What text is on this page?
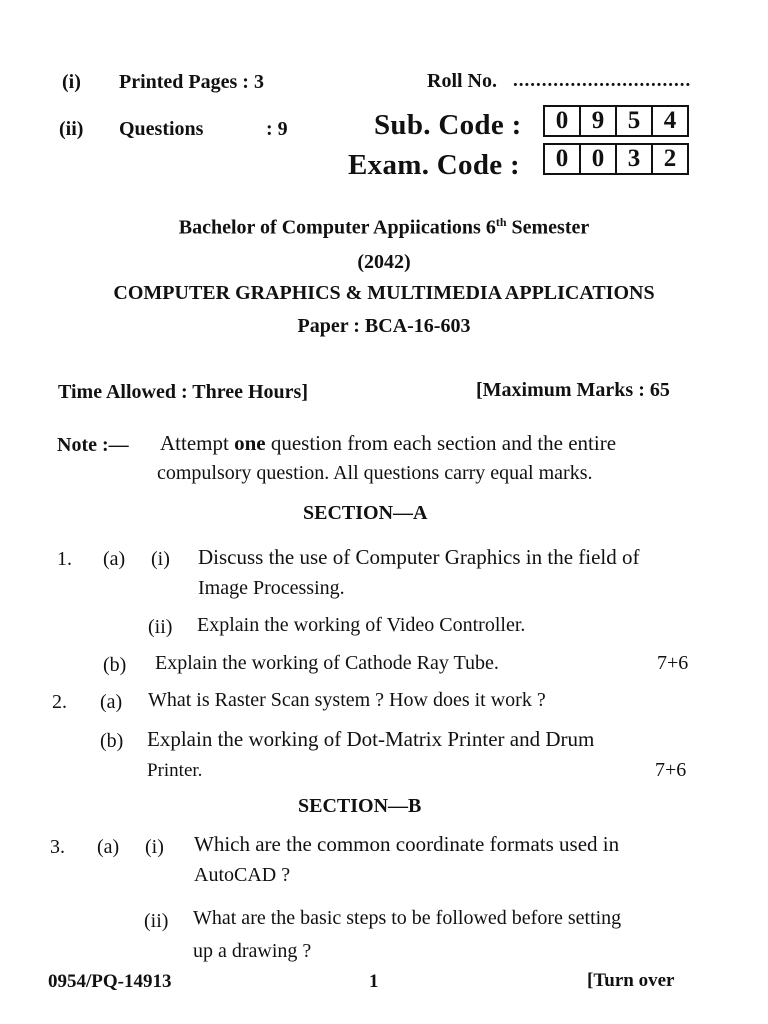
(i) Printed Pages : 3
(ii) Questions	: 9
Roll No. ...............................
Sub. Code :	0 9 5 4
Exam. Code :	0 0 3 2
Bachelor of Computer Appiications 6th Semester
(2042)
COMPUTER GRAPHICS & MULTIMEDIA APPLICATIONS
Paper : BCA-16-603
Time Allowed : Three Hours]	[Maximum Marks : 65
Note :— Attempt one question from each section and the entire
compulsory question. All questions carry equal marks.
SECTION—A
1. (a) (i) Discuss the use of Computer Graphics in the field of
Image Processing.
(ii) Explain the working of Video Controller.
(b) Explain the working of Cathode Ray Tube.	7+6
2. (a) What is Raster Scan system ? How does it work ?
(b) Explain the working of Dot-Matrix Printer and Drum
Printer.	7+6
SECTION—B
3. (a) (i) Which are the common coordinate formats used in
AutoCAD ?
(ii) What are the basic steps to be followed before setting
up a drawing ?
0954/PQ-14913	1	[Turn over
